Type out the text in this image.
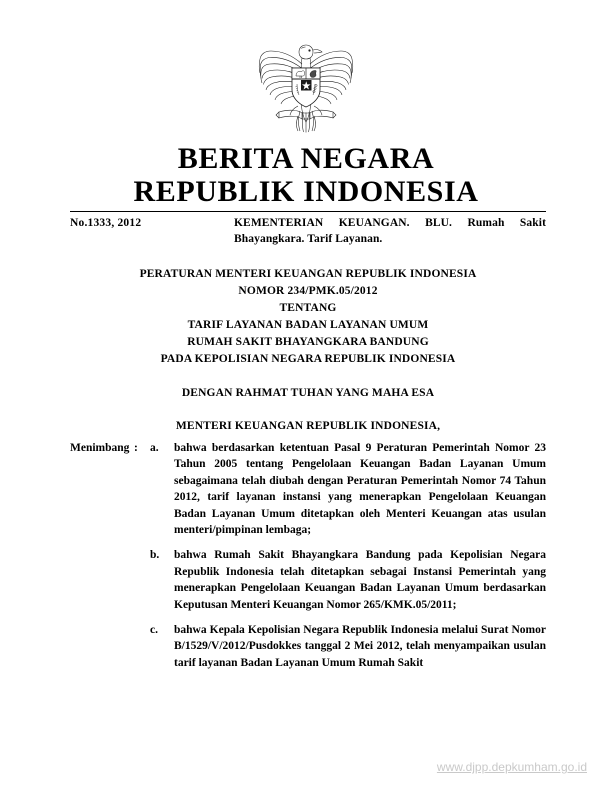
BERITA NEGARA
REPUBLIK INDONESIA
No.1333, 2012	KEMENTERIAN KEUANGAN. BLU. Rumah Sakit Bhayangkara. Tarif Layanan.
PERATURAN MENTERI KEUANGAN REPUBLIK INDONESIA
NOMOR 234/PMK.05/2012
TENTANG
TARIF LAYANAN BADAN LAYANAN UMUM
RUMAH SAKIT BHAYANGKARA BANDUNG
PADA KEPOLISIAN NEGARA REPUBLIK INDONESIA
DENGAN RAHMAT TUHAN YANG MAHA ESA
MENTERI KEUANGAN REPUBLIK INDONESIA,
Menimbang :	a.	bahwa berdasarkan ketentuan Pasal 9 Peraturan Pemerintah Nomor 23 Tahun 2005 tentang Pengelolaan Keuangan Badan Layanan Umum sebagaimana telah diubah dengan Peraturan Pemerintah Nomor 74 Tahun 2012, tarif layanan instansi yang menerapkan Pengelolaan Keuangan Badan Layanan Umum ditetapkan oleh Menteri Keuangan atas usulan menteri/pimpinan lembaga;
b.	bahwa Rumah Sakit Bhayangkara Bandung pada Kepolisian Negara Republik Indonesia telah ditetapkan sebagai Instansi Pemerintah yang menerapkan Pengelolaan Keuangan Badan Layanan Umum berdasarkan Keputusan Menteri Keuangan Nomor 265/KMK.05/2011;
c.	bahwa Kepala Kepolisian Negara Republik Indonesia melalui Surat Nomor B/1529/V/2012/Pusdokkes tanggal 2 Mei 2012, telah menyampaikan usulan tarif layanan Badan Layanan Umum Rumah Sakit
www.djpp.depkumham.go.id
